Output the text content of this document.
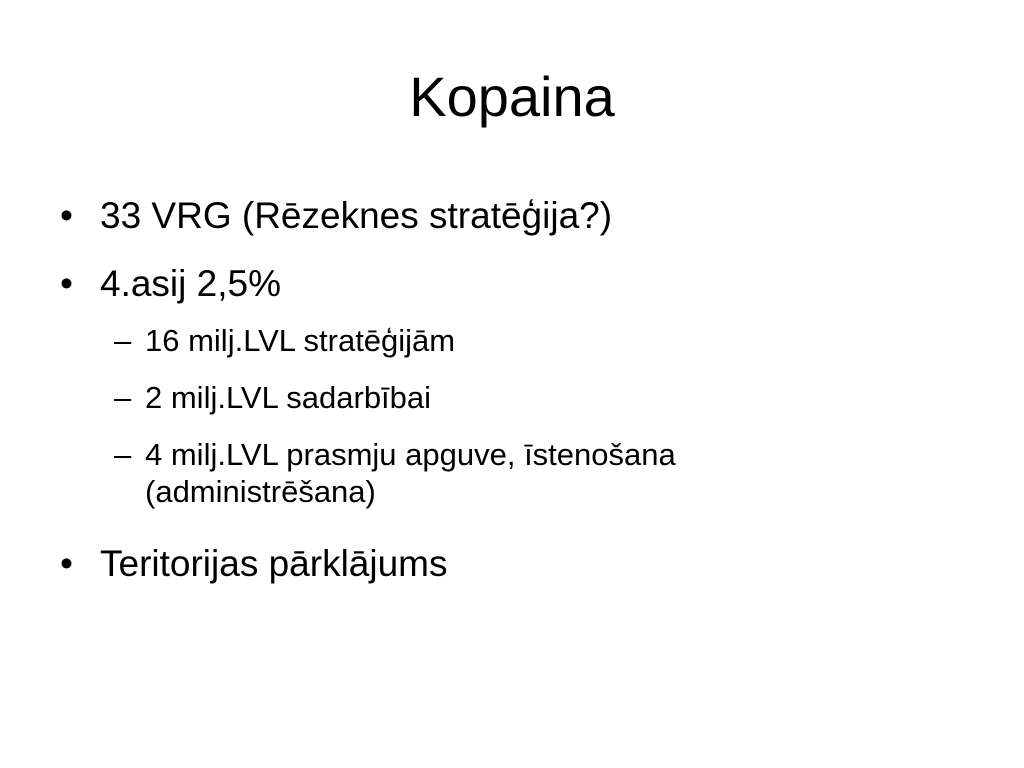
Kopaina
• 33 VRG (Rēzeknes stratēģija?)
• 4.asij 2,5%
– 16 milj.LVL stratēģijām
– 2 milj.LVL sadarbībai
– 4 milj.LVL prasmju apguve, īstenošana
(administrēšana)
• Teritorijas pārklājums
